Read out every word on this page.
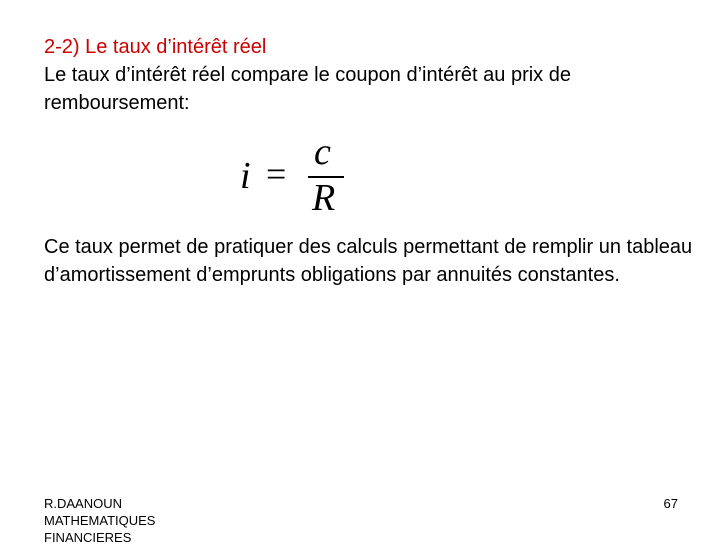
2-2) Le taux d’intérêt réel
Le taux d’intérêt réel compare le coupon d’intérêt au prix de remboursement:
i =
c
R
Ce taux permet de pratiquer des calculs permettant de remplir un tableau d’amortissement d’emprunts obligations par annuités constantes.
R.DAANOUN
MATHEMATIQUES
FINANCIERES
67
